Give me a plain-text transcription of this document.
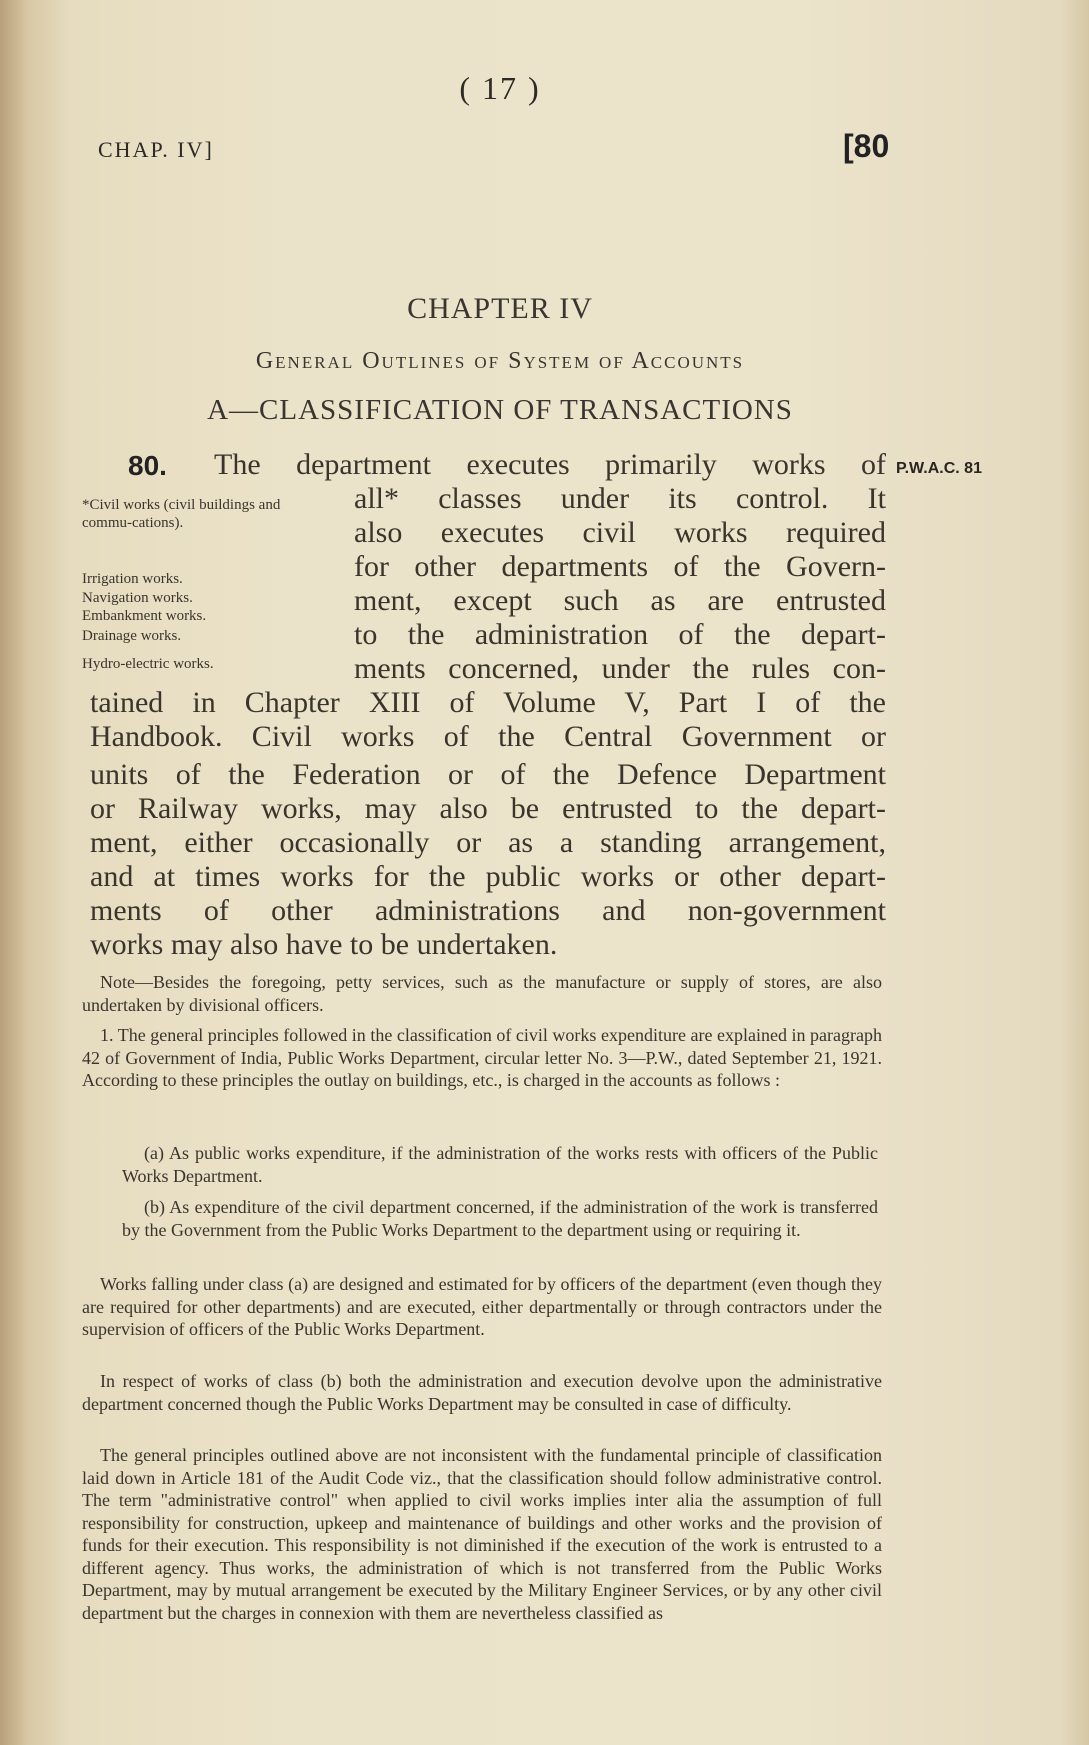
( 17 )
CHAP. IV]	[80
CHAPTER IV
General Outlines of System of Accounts
A—CLASSIFICATION OF TRANSACTIONS
P.W.A.C. 81
*Civil works (civil buildings and commu-cations).
Irrigation works.
Navigation works.
Embankment works.
Drainage works.
Hydro-electric works.
80. The department executes primarily works of
all* classes under its control. It
also executes civil works required
for other departments of the Govern-
ment, except such as are entrusted
to the administration of the depart-
ments concerned, under the rules con-
tained in Chapter XIII of Volume V, Part I of the
Handbook. Civil works of the Central Government or
units of the Federation or of the Defence Department
or Railway works, may also be entrusted to the depart-
ment, either occasionally or as a standing arrangement,
and at times works for the public works or other depart-
ments of other administrations and non-government
works may also have to be undertaken.

Note—Besides the foregoing, petty services, such as the manufacture or supply of stores, are also undertaken by divisional officers.

1. The general principles followed in the classification of civil works expenditure are explained in paragraph 42 of Government of India, Public Works Department, circular letter No. 3—P.W., dated September 21, 1921. According to these principles the outlay on buildings, etc., is charged in the accounts as follows :

(a) As public works expenditure, if the administration of the works rests with officers of the Public Works Department.

(b) As expenditure of the civil department concerned, if the administration of the work is transferred by the Government from the Public Works Department to the department using or requiring it.

Works falling under class (a) are designed and estimated for by officers of the department (even though they are required for other departments) and are executed, either departmentally or through contractors under the supervision of officers of the Public Works Department.

In respect of works of class (b) both the administration and execution devolve upon the administrative department concerned though the Public Works Department may be consulted in case of difficulty.

The general principles outlined above are not inconsistent with the fundamental principle of classification laid down in Article 181 of the Audit Code viz., that the classification should follow administrative control. The term "administrative control" when applied to civil works implies inter alia the assumption of full responsibility for construction, upkeep and maintenance of buildings and other works and the provision of funds for their execution. This responsibility is not diminished if the execution of the work is entrusted to a different agency. Thus works, the administration of which is not transferred from the Public Works Department, may by mutual arrangement be executed by the Military Engineer Services, or by any other civil department but the charges in connexion with them are nevertheless classified as
